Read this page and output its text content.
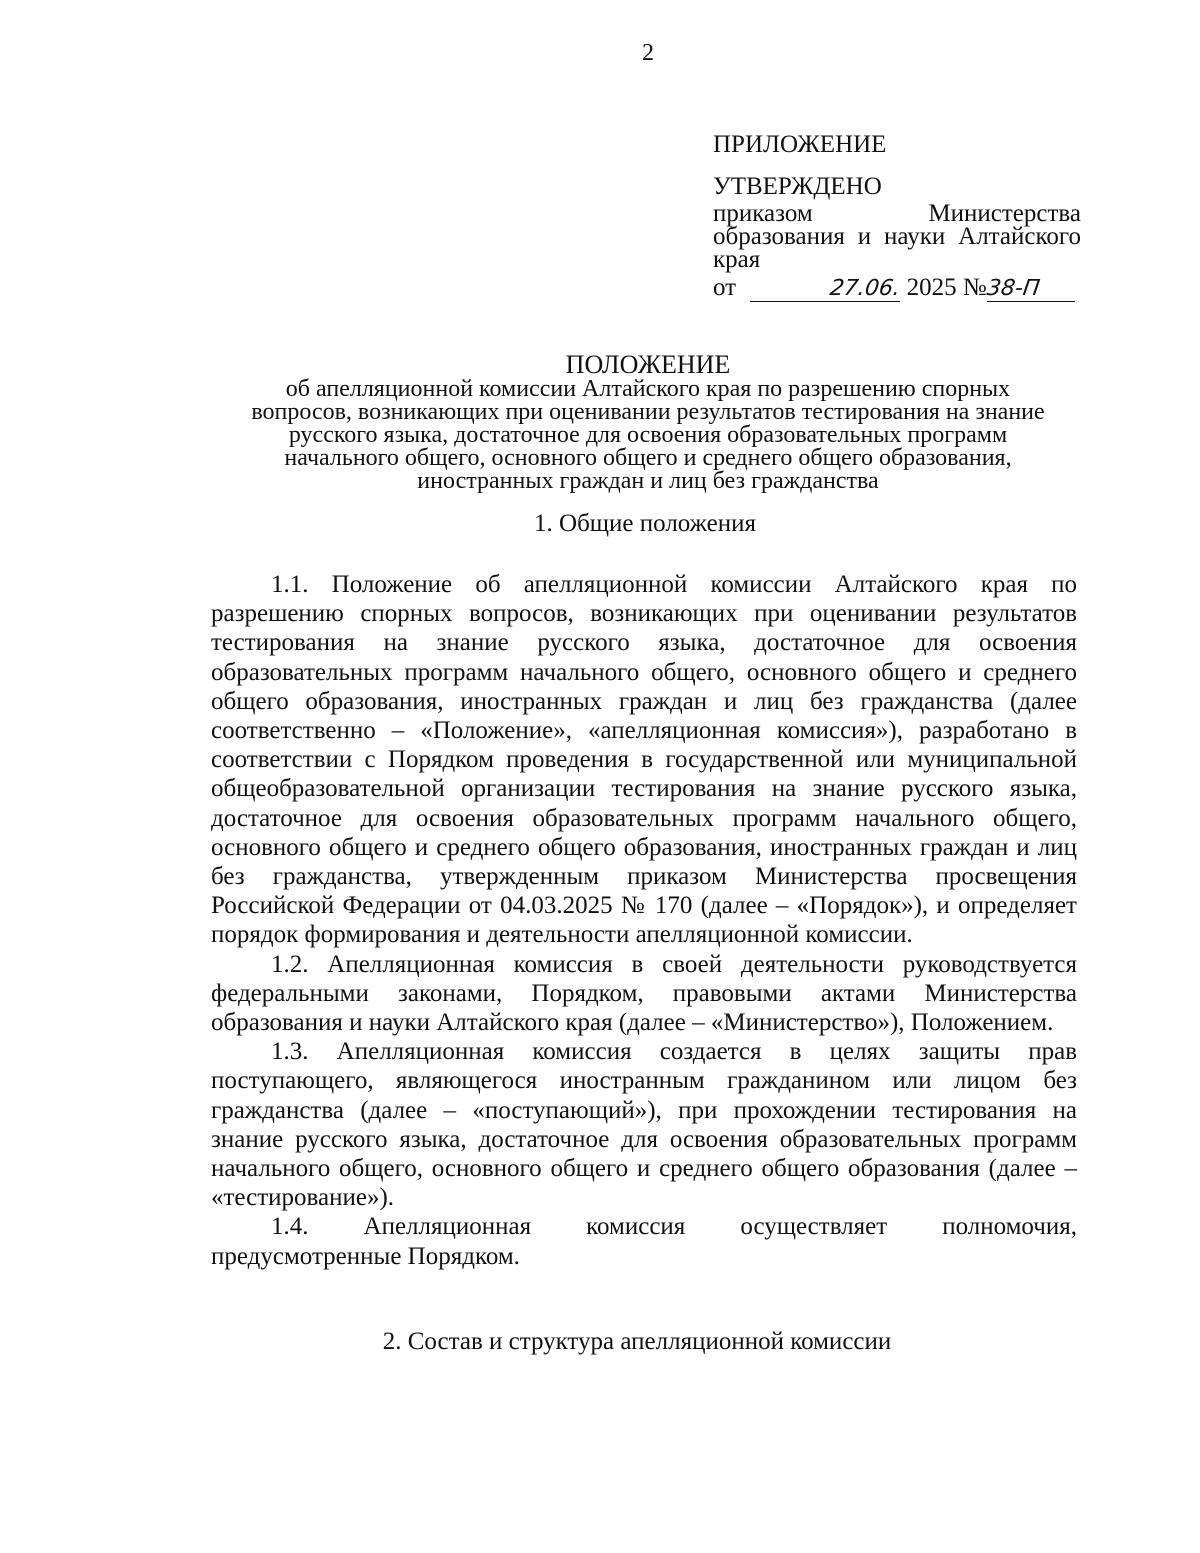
2
ПРИЛОЖЕНИЕ
УТВЕРЖДЕНО
приказом Министерства
образования и науки Алтайского
края
от	27.06. 2025 №38-П
ПОЛОЖЕНИЕ
об апелляционной комиссии Алтайского края по разрешению спорных
вопросов, возникающих при оценивании результатов тестирования на знание
русского языка, достаточное для освоения образовательных программ
начального общего, основного общего и среднего общего образования,
иностранных граждан и лиц без гражданства
1. Общие положения

1.1. Положение об апелляционной комиссии Алтайского края по разрешению спорных вопросов, возникающих при оценивании результатов тестирования на знание русского языка, достаточное для освоения образовательных программ начального общего, основного общего и среднего общего образования, иностранных граждан и лиц без гражданства (далее соответственно – «Положение», «апелляционная комиссия»), разработано в соответствии с Порядком проведения в государственной или муниципальной общеобразовательной организации тестирования на знание русского языка, достаточное для освоения образовательных программ начального общего, основного общего и среднего общего образования, иностранных граждан и лиц без гражданства, утвержденным приказом Министерства просвещения Российской Федерации от 04.03.2025 № 170 (далее – «Порядок»), и определяет порядок формирования и деятельности апелляционной комиссии.

1.2. Апелляционная комиссия в своей деятельности руководствуется федеральными законами, Порядком, правовыми актами Министерства образования и науки Алтайского края (далее – «Министерство»), Положением.

1.3. Апелляционная комиссия создается в целях защиты прав поступающего, являющегося иностранным гражданином или лицом без гражданства (далее – «поступающий»), при прохождении тестирования на знание русского языка, достаточное для освоения образовательных программ начального общего, основного общего и среднего общего образования (далее – «тестирование»).

1.4. Апелляционная комиссия осуществляет полномочия, предусмотренные Порядком.

2. Состав и структура апелляционной комиссии
